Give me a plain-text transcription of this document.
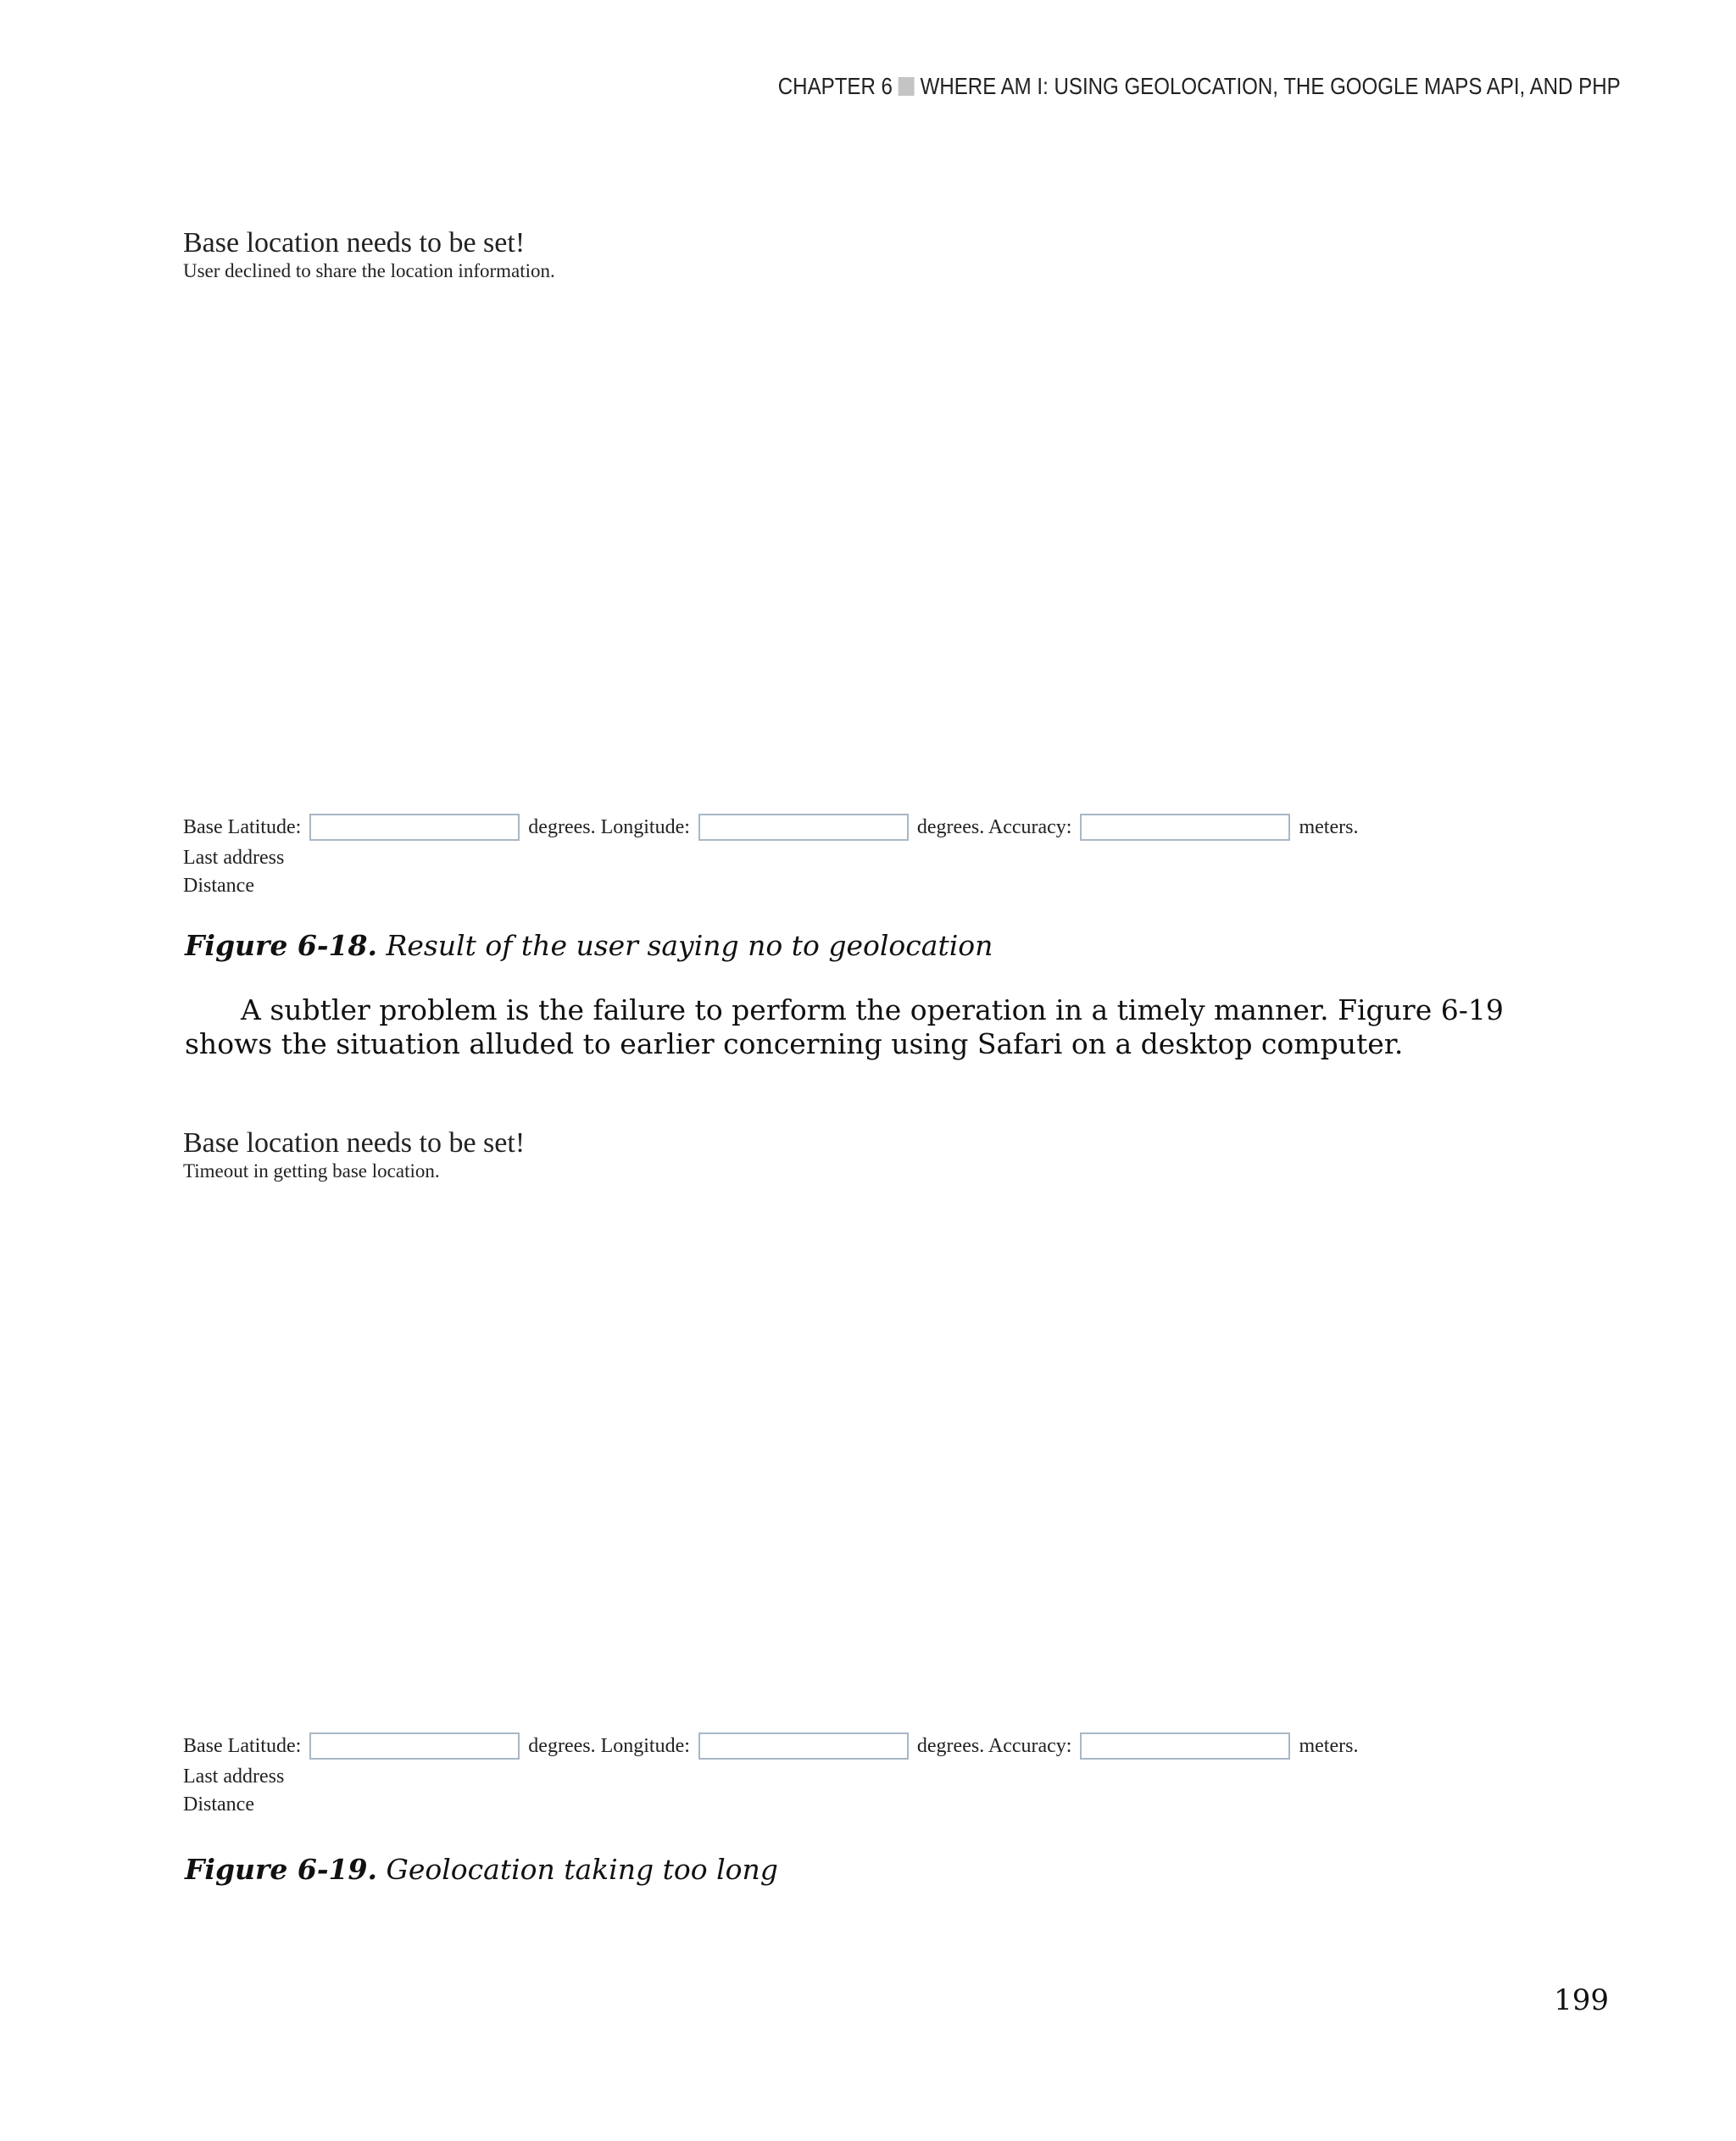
CHAPTER 6 WHERE AM I: USING GEOLOCATION, THE GOOGLE MAPS API, AND PHP
Base location needs to be set!
User declined to share the location information.
Base Latitude:	degrees. Longitude:	degrees. Accuracy:	meters.
Last address
Distance
Figure 6-18. Result of the user saying no to geolocation
A subtler problem is the failure to perform the operation in a timely manner. Figure 6-19 shows the situation alluded to earlier concerning using Safari on a desktop computer.
Base location needs to be set!
Timeout in getting base location.
Base Latitude:	degrees. Longitude:	degrees. Accuracy:	meters.
Last address
Distance
Figure 6-19. Geolocation taking too long
199
